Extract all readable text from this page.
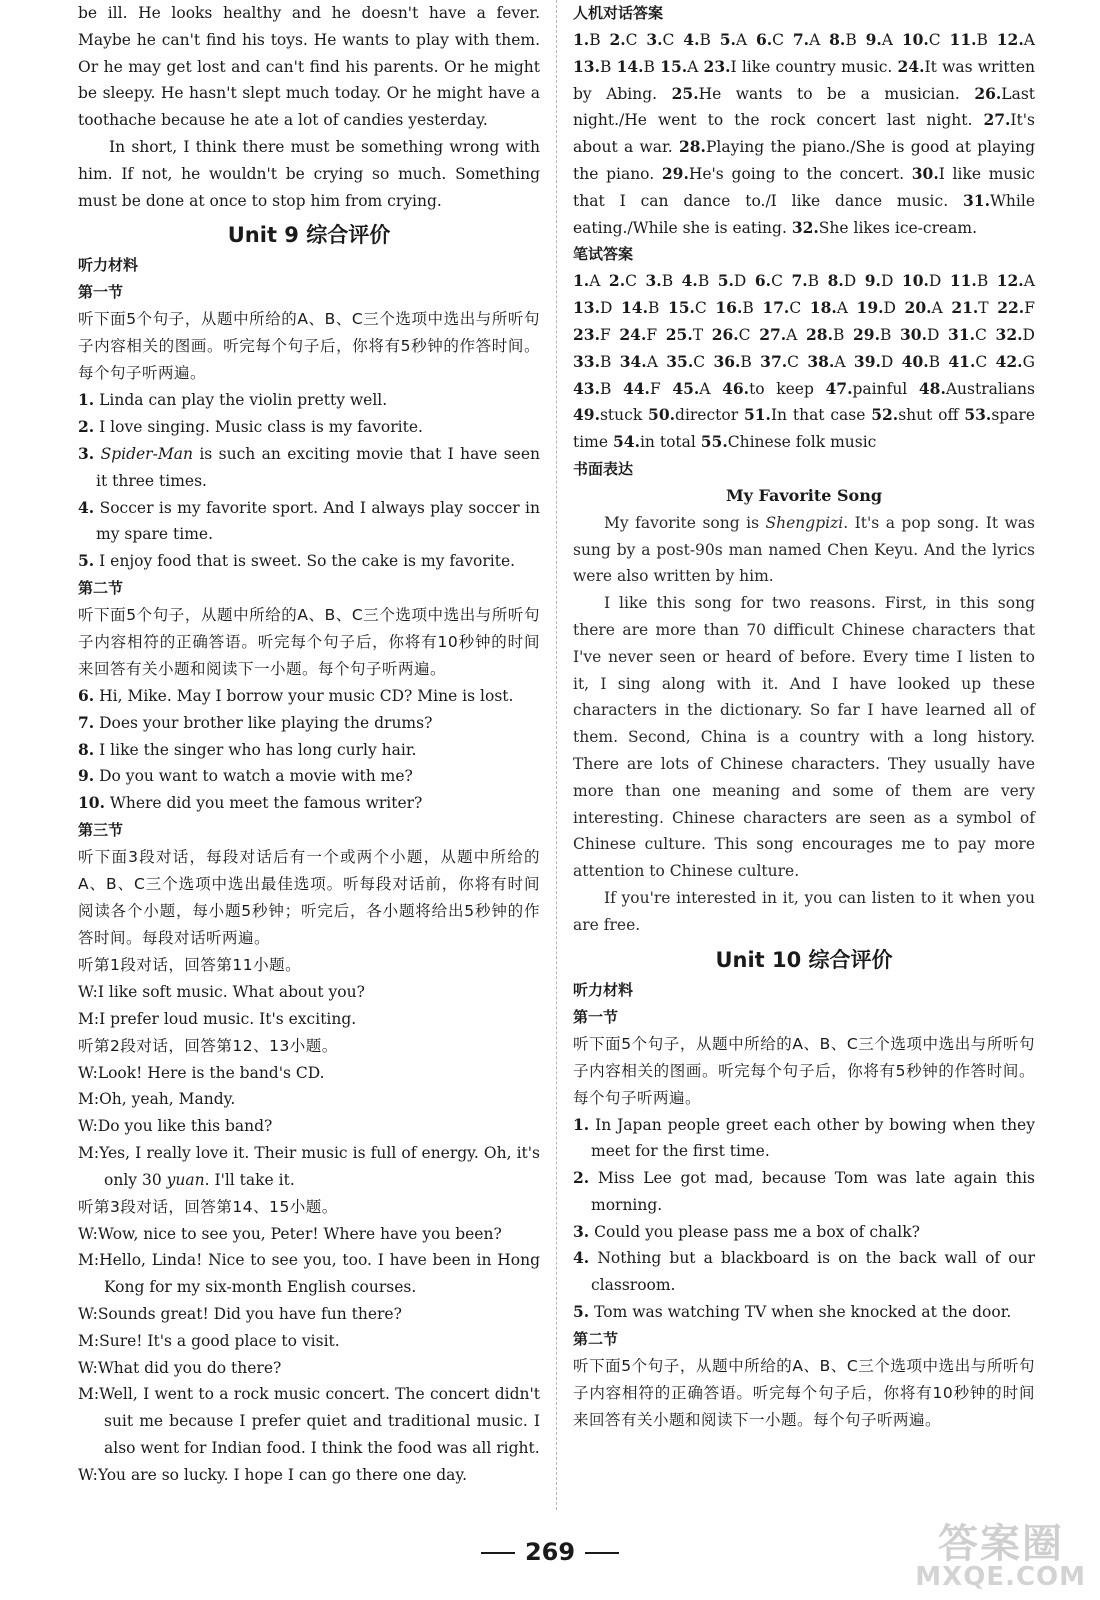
be ill. He looks healthy and he doesn't have a fever. Maybe he can't find his toys. He wants to play with them. Or he may get lost and can't find his parents. Or he might be sleepy. He hasn't slept much today. Or he might have a toothache because he ate a lot of candies yesterday.

In short, I think there must be something wrong with him. If not, he wouldn't be crying so much. Something must be done at once to stop him from crying.

Unit 9 综合评价
听力材料
第一节

听下面5个句子，从题中所给的A、B、C三个选项中选出与所听句子内容相关的图画。听完每个句子后，你将有5秒钟的作答时间。每个句子听两遍。

1. Linda can play the violin pretty well.

2. I love singing. Music class is my favorite.

3. Spider-Man is such an exciting movie that I have seen it three times.

4. Soccer is my favorite sport. And I always play soccer in my spare time.

5. I enjoy food that is sweet. So the cake is my favorite.

第二节

听下面5个句子，从题中所给的A、B、C三个选项中选出与所听句子内容相符的正确答语。听完每个句子后，你将有10秒钟的时间来回答有关小题和阅读下一小题。每个句子听两遍。

6. Hi, Mike. May I borrow your music CD? Mine is lost.

7. Does your brother like playing the drums?

8. I like the singer who has long curly hair.

9. Do you want to watch a movie with me?

10. Where did you meet the famous writer?

第三节

听下面3段对话，每段对话后有一个或两个小题，从题中所给的A、B、C三个选项中选出最佳选项。听每段对话前，你将有时间阅读各个小题，每小题5秒钟；听完后，各小题将给出5秒钟的作答时间。每段对话听两遍。

听第1段对话，回答第11小题。

W:I like soft music. What about you?

M:I prefer loud music. It's exciting.

听第2段对话，回答第12、13小题。

W:Look! Here is the band's CD.

M:Oh, yeah, Mandy.

W:Do you like this band?

M:Yes, I really love it. Their music is full of energy. Oh, it's only 30 yuan. I'll take it.

听第3段对话，回答第14、15小题。

W:Wow, nice to see you, Peter! Where have you been?

M:Hello, Linda! Nice to see you, too. I have been in Hong Kong for my six-month English courses.

W:Sounds great! Did you have fun there?

M:Sure! It's a good place to visit.

W:What did you do there?

M:Well, I went to a rock music concert. The concert didn't suit me because I prefer quiet and traditional music. I also went for Indian food. I think the food was all right.

W:You are so lucky. I hope I can go there one day.

人机对话答案

1.B 2.C 3.C 4.B 5.A 6.C 7.A 8.B 9.A 10.C 11.B 12.A 13.B 14.B 15.A 23.I like country music. 24.It was written by Abing. 25.He wants to be a musician. 26.Last night./He went to the rock concert last night. 27.It's about a war. 28.Playing the piano./She is good at playing the piano. 29.He's going to the concert. 30.I like music that I can dance to./I like dance music. 31.While eating./While she is eating. 32.She likes ice-cream.

笔试答案

1.A 2.C 3.B 4.B 5.D 6.C 7.B 8.D 9.D 10.D 11.B 12.A 13.D 14.B 15.C 16.B 17.C 18.A 19.D 20.A 21.T 22.F 23.F 24.F 25.T 26.C 27.A 28.B 29.B 30.D 31.C 32.D 33.B 34.A 35.C 36.B 37.C 38.A 39.D 40.B 41.C 42.G 43.B 44.F 45.A 46.to keep 47.painful 48.Australians 49.stuck 50.director 51.In that case 52.shut off 53.spare time 54.in total 55.Chinese folk music

书面表达
My Favorite Song

My favorite song is Shengpizi. It's a pop song. It was sung by a post-90s man named Chen Keyu. And the lyrics were also written by him.

I like this song for two reasons. First, in this song there are more than 70 difficult Chinese characters that I've never seen or heard of before. Every time I listen to it, I sing along with it. And I have looked up these characters in the dictionary. So far I have learned all of them. Second, China is a country with a long history. There are lots of Chinese characters. They usually have more than one meaning and some of them are very interesting. Chinese characters are seen as a symbol of Chinese culture. This song encourages me to pay more attention to Chinese culture.

If you're interested in it, you can listen to it when you are free.

Unit 10 综合评价
听力材料
第一节

听下面5个句子，从题中所给的A、B、C三个选项中选出与所听句子内容相关的图画。听完每个句子后，你将有5秒钟的作答时间。每个句子听两遍。

1. In Japan people greet each other by bowing when they meet for the first time.

2. Miss Lee got mad, because Tom was late again this morning.

3. Could you please pass me a box of chalk?

4. Nothing but a blackboard is on the back wall of our classroom.

5. Tom was watching TV when she knocked at the door.

第二节

听下面5个句子，从题中所给的A、B、C三个选项中选出与所听句子内容相符的正确答语。听完每个句子后，你将有10秒钟的时间来回答有关小题和阅读下一小题。每个句子听两遍。

269	答案圈
MXQE.COM
